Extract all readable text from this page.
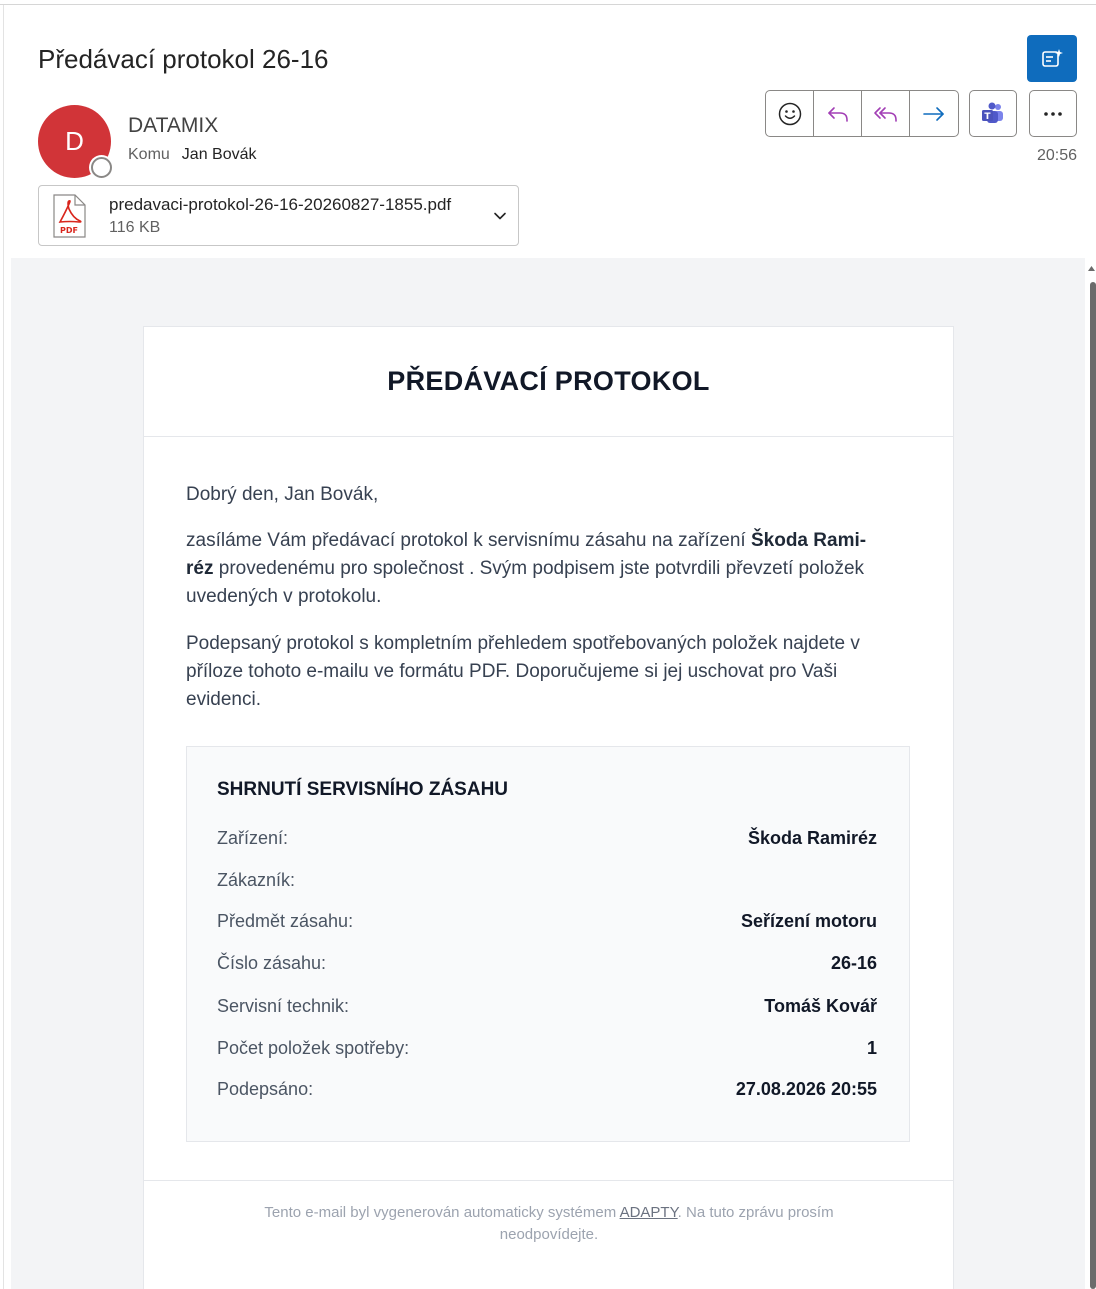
Předávací protokol 26-16
D
DATAMIX
Komu Jan Bovák
T
20:56
PDF
predavaci-protokol-26-16-20260827-1855.pdf
116 KB
PŘEDÁVACÍ PROTOKOL
Dobrý den, Jan Bovák,
zasíláme Vám předávací protokol k servisnímu zásahu na zařízení Škoda Rami-
réz provedenému pro společnost . Svým podpisem jste potvrdili převzetí položek uvedených v protokolu.
Podepsaný protokol s kompletním přehledem spotřebovaných položek najdete v příloze tohoto e-mailu ve formátu PDF. Doporučujeme si jej uschovat pro Vaši evidenci.
SHRNUTÍ SERVISNÍHO ZÁSAHU
Zařízení:	Škoda Ramiréz
Zákazník:
Předmět zásahu:	Seřízení motoru
Číslo zásahu:	26-16
Servisní technik:	Tomáš Kovář
Počet položek spotřeby:	1
Podepsáno:	27.08.2026 20:55
Tento e-mail byl vygenerován automaticky systémem ADAPTY. Na tuto zprávu prosím neodpovídejte.
